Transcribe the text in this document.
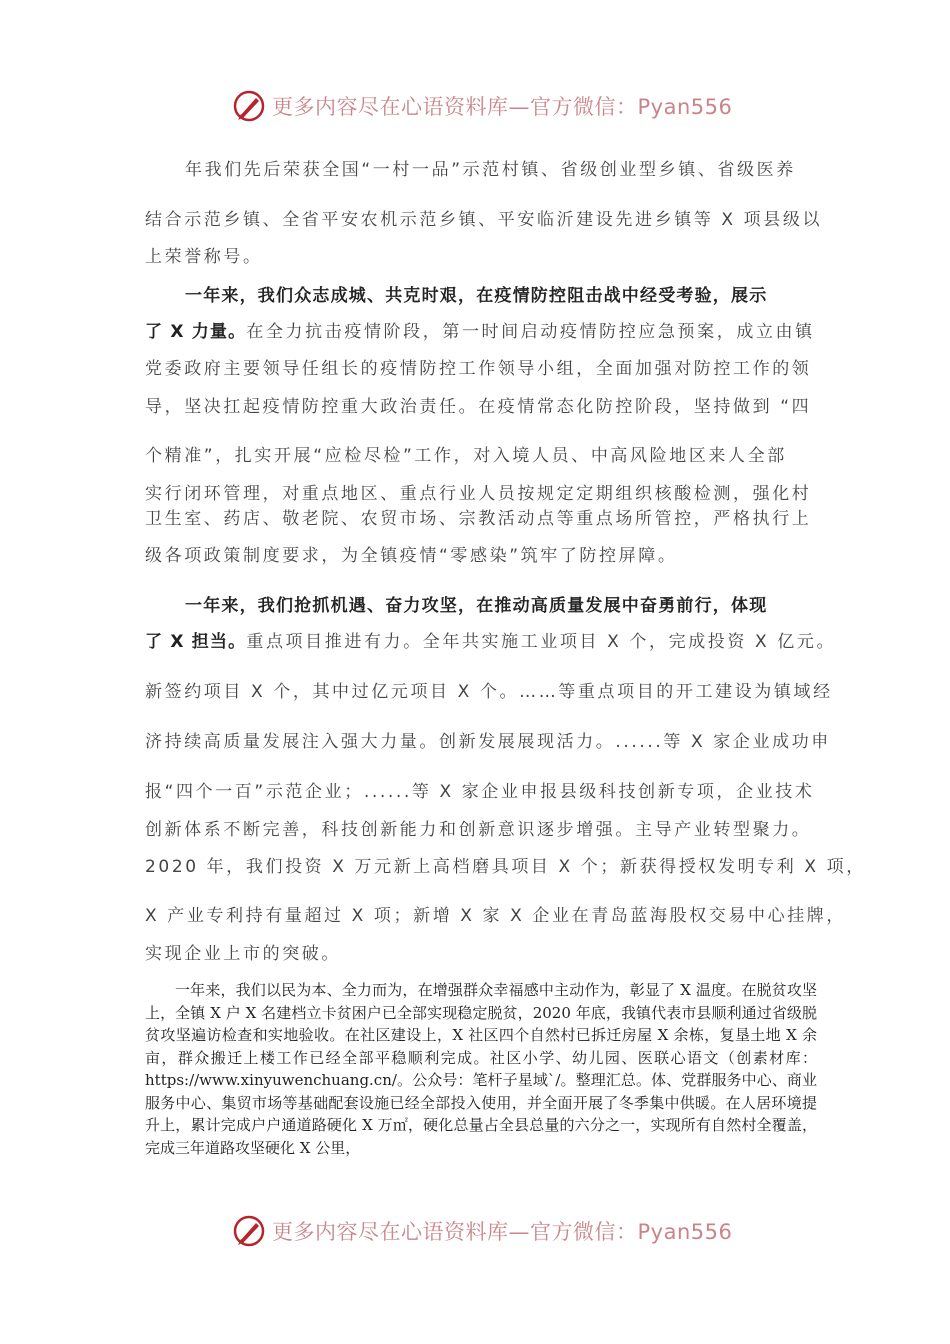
更多内容尽在心语资料库—官方微信：Pyan556
年我们先后荣获全国“一村一品”示范村镇、省级创业型乡镇、省级医养
结合示范乡镇、全省平安农机示范乡镇、平安临沂建设先进乡镇等 X 项县级以
上荣誉称号。
一年来，我们众志成城、共克时艰，在疫情防控阻击战中经受考验，展示
了 X 力量。在全力抗击疫情阶段，第一时间启动疫情防控应急预案，成立由镇
党委政府主要领导任组长的疫情防控工作领导小组，全面加强对防控工作的领
导，坚决扛起疫情防控重大政治责任。在疫情常态化防控阶段，坚持做到 “四
个精准”，扎实开展“应检尽检”工作，对入境人员、中高风险地区来人全部
实行闭环管理，对重点地区、重点行业人员按规定定期组织核酸检测，强化村
卫生室、药店、敬老院、农贸市场、宗教活动点等重点场所管控，严格执行上
级各项政策制度要求，为全镇疫情“零感染”筑牢了防控屏障。
一年来，我们抢抓机遇、奋力攻坚，在推动高质量发展中奋勇前行，体现
了 X 担当。重点项目推进有力。全年共实施工业项目 X 个，完成投资 X 亿元。
新签约项目 X 个，其中过亿元项目 X 个。……等重点项目的开工建设为镇域经
济持续高质量发展注入强大力量。创新发展展现活力。......等 X 家企业成功申
报“四个一百”示范企业；......等 X 家企业申报县级科技创新专项，企业技术
创新体系不断完善，科技创新能力和创新意识逐步增强。主导产业转型聚力。
2020 年，我们投资 X 万元新上高档磨具项目 X 个；新获得授权发明专利 X 项，
X 产业专利持有量超过 X 项；新增 X 家 X 企业在青岛蓝海股权交易中心挂牌，
实现企业上市的突破。
一年来，我们以民为本、全力而为，在增强群众幸福感中主动作为，彰显了 X 温度。在脱贫攻坚上，全镇 X 户 X 名建档立卡贫困户已全部实现稳定脱贫，2020 年底，我镇代表市县顺利通过省级脱贫攻坚遍访检查和实地验收。在社区建设上，X 社区四个自然村已拆迁房屋 X 余栋，复垦土地 X 余亩，群众搬迁上楼工作已经全部平稳顺利完成。社区小学、幼儿园、医联心语文（创素材库：https://www.xinyuwenchuang.cn/。公众号：笔杆子星域`/。整理汇总。体、党群服务中心、商业服务中心、集贸市场等基础配套设施已经全部投入使用，并全面开展了冬季集中供暖。在人居环境提升上，累计完成户户通道路硬化 X 万㎡，硬化总量占全县总量的六分之一，实现所有自然村全覆盖，完成三年道路攻坚硬化 X 公里，
更多内容尽在心语资料库—官方微信：Pyan556
